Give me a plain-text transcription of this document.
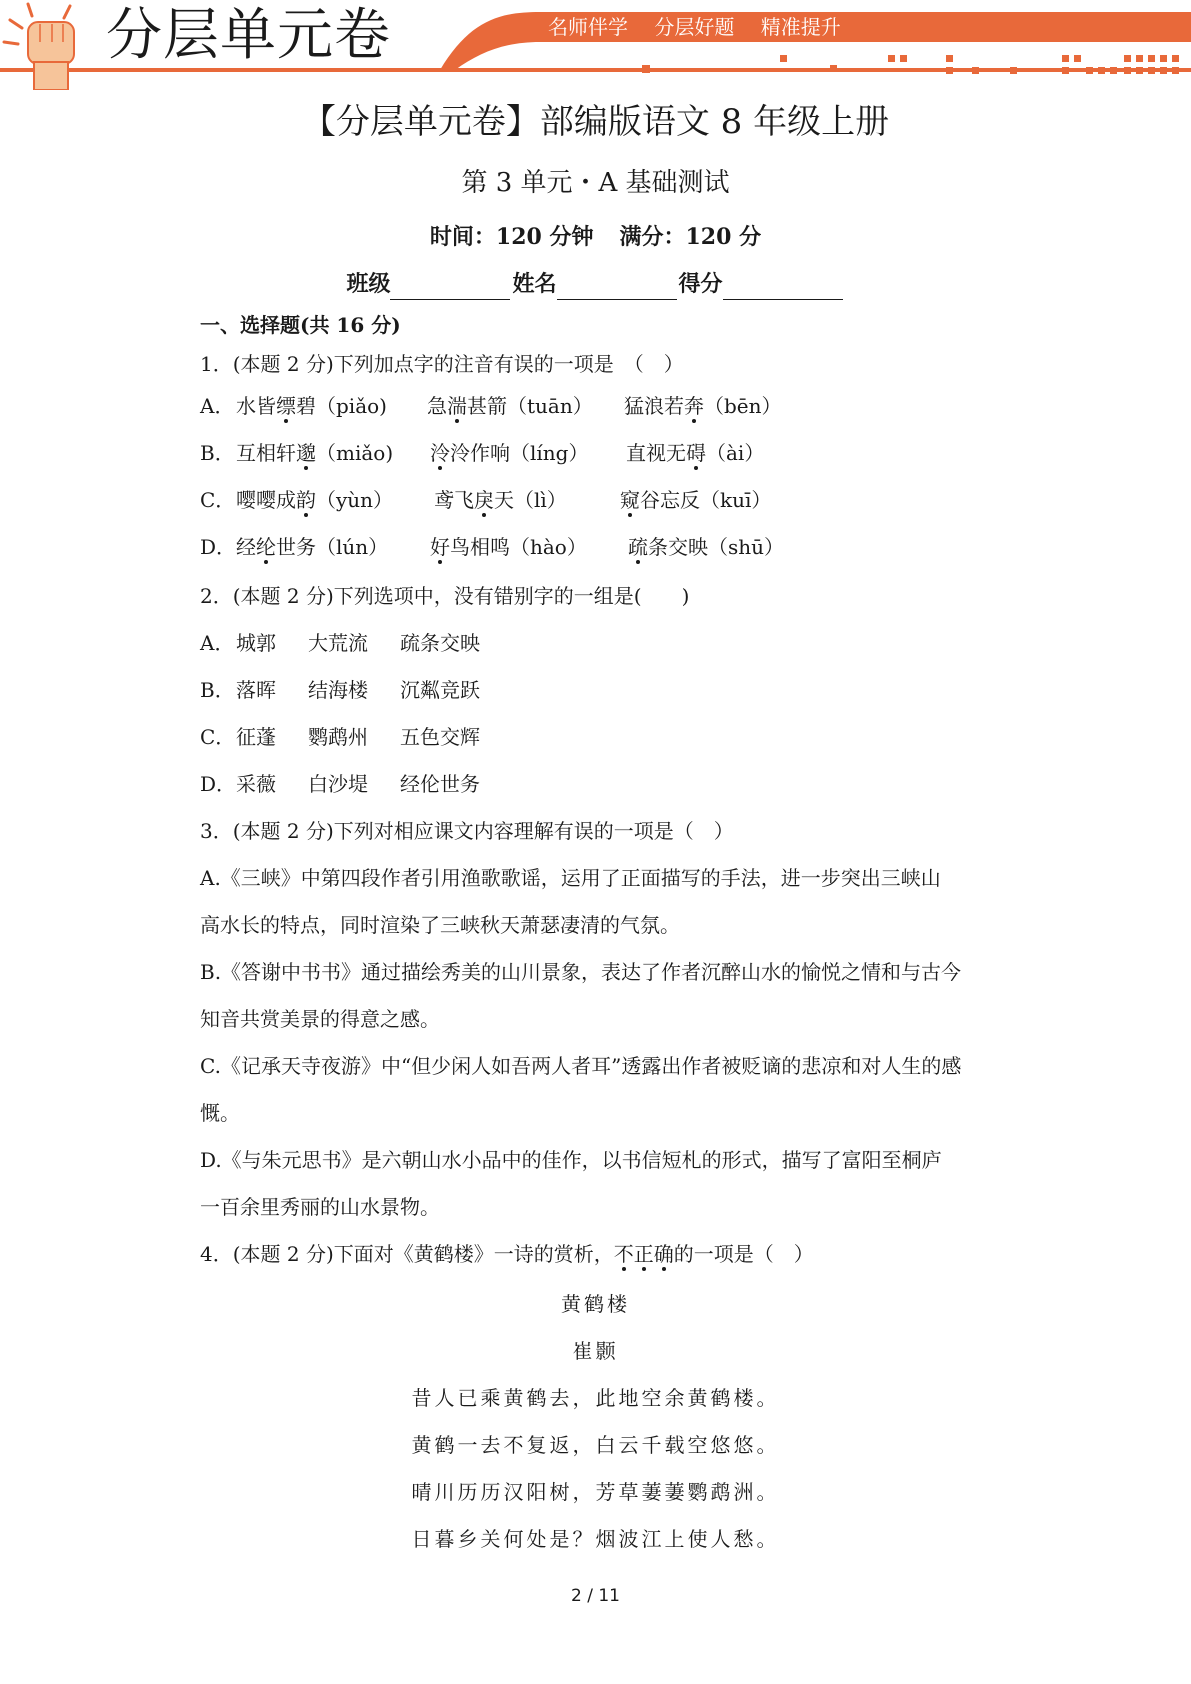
分层单元卷	名师伴学 分层好题 精准提升
【分层单元卷】部编版语文 8 年级上册
第 3 单元・A 基础测试
时间：120 分钟 满分：120 分
班级	姓名	得分
一、选择题(共 16 分)
1．(本题 2 分)下列加点字的注音有误的一项是　（　）
A． 水皆缥碧（piǎo) 急湍甚箭（tuān） 猛浪若奔（bēn）
B． 互相轩邈（miǎo) 泠泠作响（líng） 直视无碍（ài）
C． 嘤嘤成韵（yùn） 鸢飞戾天（lì）	窥谷忘反（kuī）
D． 经纶世务（lún） 好鸟相鸣（hào） 疏条交映（shū）
2．(本题 2 分)下列选项中，没有错别字的一组是(　　)
A． 城郭 大荒流 疏条交映
B． 落晖 结海楼 沉粼竞跃
C． 征蓬 鹦鹉州 五色交辉
D． 采薇 白沙堤 经伦世务
3．(本题 2 分)下列对相应课文内容理解有误的一项是（　）
A.《三峡》中第四段作者引用渔歌歌谣，运用了正面描写的手法，进一步突出三峡山
高水长的特点，同时渲染了三峡秋天萧瑟凄清的气氛。
B.《答谢中书书》通过描绘秀美的山川景象，表达了作者沉醉山水的愉悦之情和与古今
知音共赏美景的得意之感。
C.《记承天寺夜游》中“但少闲人如吾两人者耳”透露出作者被贬谪的悲凉和对人生的感
慨。
D.《与朱元思书》是六朝山水小品中的佳作，以书信短札的形式，描写了富阳至桐庐
一百余里秀丽的山水景物。
4．(本题 2 分)下面对《黄鹤楼》一诗的赏析，不正确的一项是（　）
黄鹤楼
崔颢
昔人已乘黄鹤去，此地空余黄鹤楼。
黄鹤一去不复返，白云千载空悠悠。
晴川历历汉阳树，芳草萋萋鹦鹉洲。
日暮乡关何处是？烟波江上使人愁。
2 / 11
